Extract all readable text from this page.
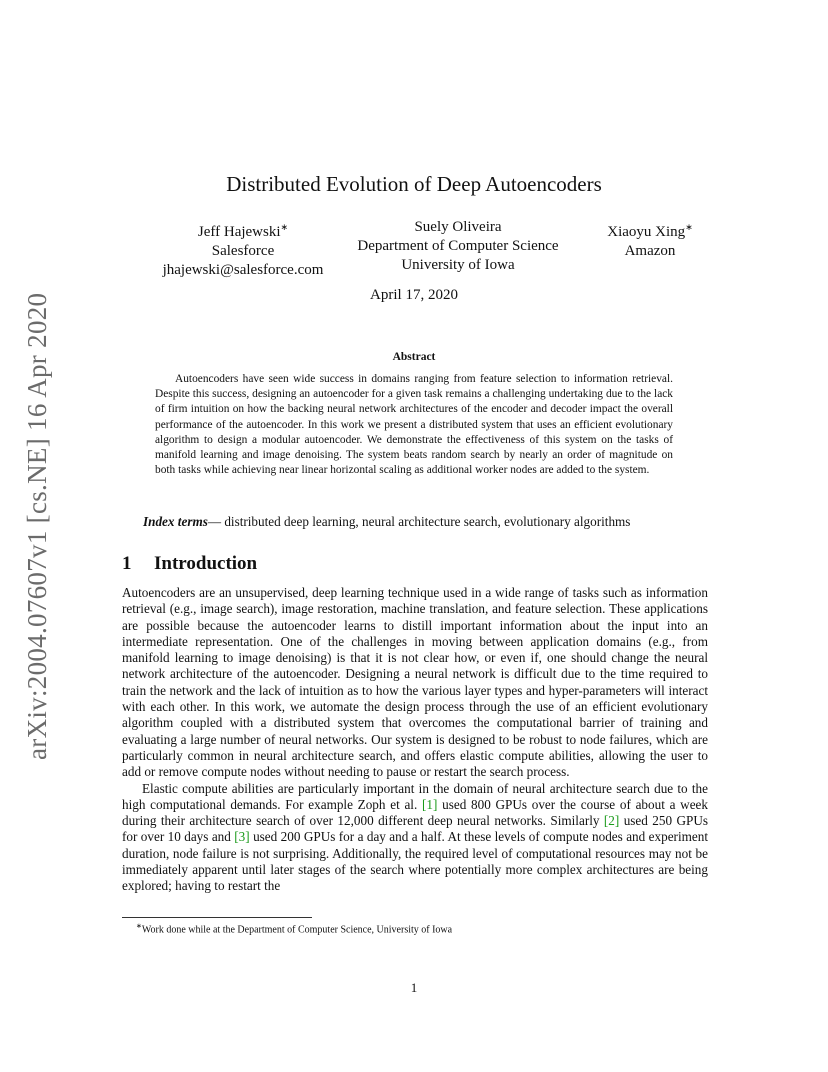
arXiv:2004.07607v1 [cs.NE] 16 Apr 2020
Distributed Evolution of Deep Autoencoders
Jeff Hajewski∗
Salesforce
jhajewski@salesforce.com
Suely Oliveira
Department of Computer Science
University of Iowa
Xiaoyu Xing∗
Amazon
April 17, 2020
Abstract
Autoencoders have seen wide success in domains ranging from feature selection to information retrieval. Despite this success, designing an autoencoder for a given task remains a challenging undertaking due to the lack of firm intuition on how the backing neural network architectures of the encoder and decoder impact the overall performance of the autoencoder. In this work we present a distributed system that uses an efficient evolutionary algorithm to design a modular autoencoder. We demonstrate the effectiveness of this system on the tasks of manifold learning and image denoising. The system beats random search by nearly an order of magnitude on both tasks while achieving near linear horizontal scaling as additional worker nodes are added to the system.
Index terms— distributed deep learning, neural architecture search, evolutionary algorithms
1 Introduction

Autoencoders are an unsupervised, deep learning technique used in a wide range of tasks such as information retrieval (e.g., image search), image restoration, machine translation, and feature selection. These applications are possible because the autoencoder learns to distill important information about the input into an intermediate representation. One of the challenges in moving between application domains (e.g., from manifold learning to image denoising) is that it is not clear how, or even if, one should change the neural network architecture of the autoencoder. Designing a neural network is difficult due to the time required to train the network and the lack of intuition as to how the various layer types and hyper-parameters will interact with each other. In this work, we automate the design process through the use of an efficient evolutionary algorithm coupled with a distributed system that overcomes the computational barrier of training and evaluating a large number of neural networks. Our system is designed to be robust to node failures, which are particularly common in neural architecture search, and offers elastic compute abilities, allowing the user to add or remove compute nodes without needing to pause or restart the search process.

Elastic compute abilities are particularly important in the domain of neural architecture search due to the high computational demands. For example Zoph et al. [1] used 800 GPUs over the course of about a week during their architecture search of over 12,000 different deep neural networks. Similarly [2] used 250 GPUs for over 10 days and [3] used 200 GPUs for a day and a half. At these levels of compute nodes and experiment duration, node failure is not surprising. Additionally, the required level of computational resources may not be immediately apparent until later stages of the search where potentially more complex architectures are being explored; having to restart the

∗Work done while at the Department of Computer Science, University of Iowa
1
